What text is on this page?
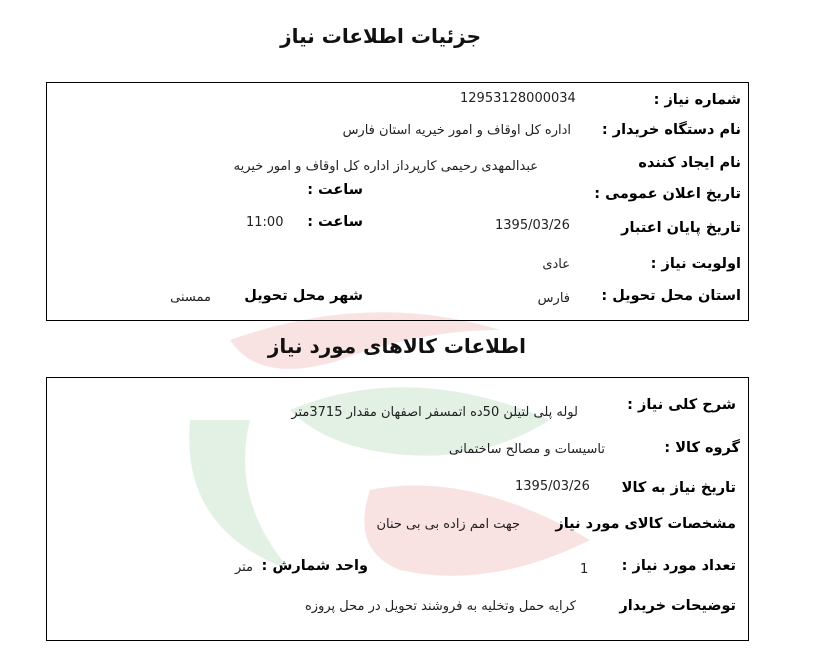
جزئیات اطلاعات نیاز
شماره نیاز :
12953128000034
نام دستگاه خریدار :
اداره کل اوقاف و امور خیریه استان فارس
نام ایجاد کننده
عبدالمهدی رحیمی کارپرداز اداره کل اوقاف و امور خیریه
تاریخ اعلان عمومی :
ساعت :
تاریخ پایان اعتبار
1395/03/26
ساعت :
11:00
اولویت نیاز :
عادی
استان محل تحویل :
فارس
شهر محل تحویل
ممسنی
اطلاعات کالاهای مورد نیاز
شرح کلی نیاز :
لوله پلی لتیلن 50ده اتمسفر اصفهان مقدار 3715متر
گروه کالا :
تاسیسات و مصالح ساختمانی
تاریخ نیاز به کالا
1395/03/26
مشخصات کالای مورد نیاز
جهت امم زاده بی بی حنان
تعداد مورد نیاز :
1
واحد شمارش :
متر
توضیحات خریدار
کرایه حمل وتخلیه به فروشند تحویل در محل پروزه
